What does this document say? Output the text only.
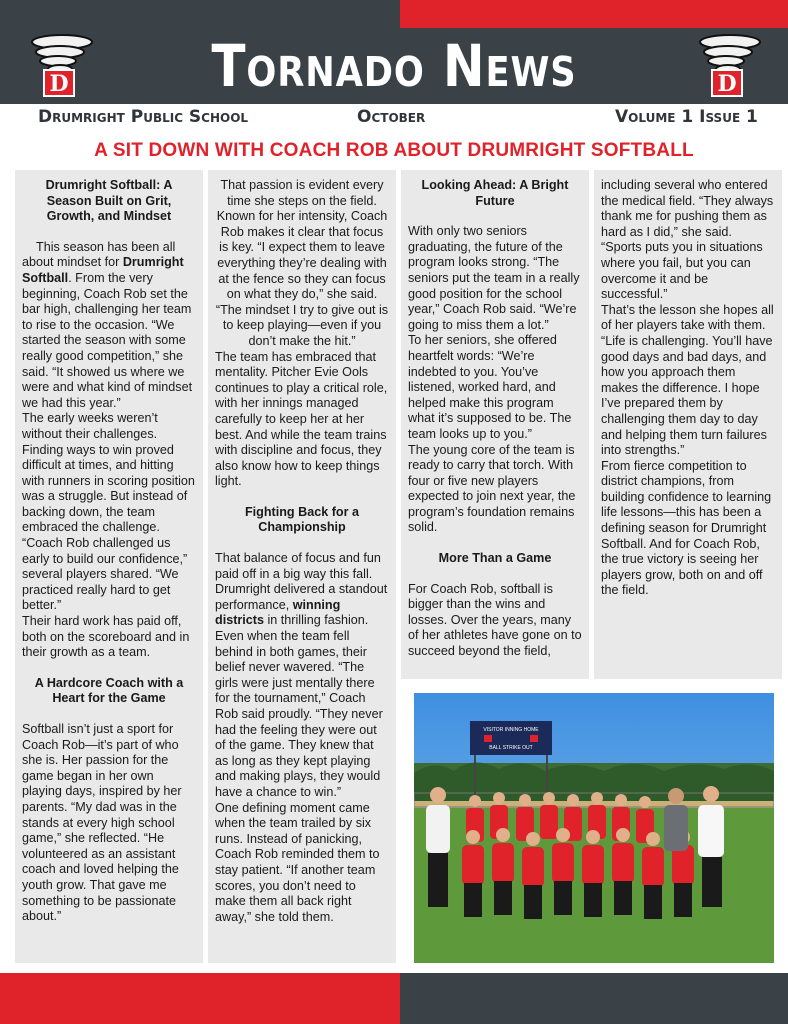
D	Tornado News	D
Drumright Public School	October	Volume 1 Issue 1
A SIT DOWN WITH COACH ROB ABOUT DRUMRIGHT SOFTBALL
Drumright Softball: A Season Built on Grit, Growth, and Mindset

This season has been all about mindset for Drumright Softball. From the very beginning, Coach Rob set the bar high, challenging her team to rise to the occasion. “We started the season with some really good competition,” she said. “It showed us where we were and what kind of mindset we had this year.”

The early weeks weren’t without their challenges. Finding ways to win proved difficult at times, and hitting with runners in scoring position was a struggle. But instead of backing down, the team embraced the challenge. “Coach Rob challenged us early to build our confidence,” several players shared. “We practiced really hard to get better.”

Their hard work has paid off, both on the scoreboard and in their growth as a team.

A Hardcore Coach with a Heart for the Game

Softball isn’t just a sport for Coach Rob—it’s part of who she is. Her passion for the game began in her own playing days, inspired by her parents. “My dad was in the stands at every high school game,” she reflected. “He volunteered as an assistant coach and loved helping the youth grow. That gave me something to be passionate about.”

That passion is evident every time she steps on the field. Known for her intensity, Coach Rob makes it clear that focus is key. “I expect them to leave everything they’re dealing with at the fence so they can focus on what they do,” she said. “The mindset I try to give out is to keep playing—even if you don’t make the hit.”

The team has embraced that mentality. Pitcher Evie Ools continues to play a critical role, with her innings managed carefully to keep her at her best. And while the team trains with discipline and focus, they also know how to keep things light.

Fighting Back for a Championship

That balance of focus and fun paid off in a big way this fall. Drumright delivered a standout performance, winning districts in thrilling fashion. Even when the team fell behind in both games, their belief never wavered. “The girls were just mentally there for the tournament,” Coach Rob said proudly. “They never had the feeling they were out of the game. They knew that as long as they kept playing and making plays, they would have a chance to win.”

One defining moment came when the team trailed by six runs. Instead of panicking, Coach Rob reminded them to stay patient. “If another team scores, you don’t need to make them all back right away,” she told them.

Looking Ahead: A Bright Future

With only two seniors graduating, the future of the program looks strong. “The seniors put the team in a really good position for the school year,” Coach Rob said. “We’re going to miss them a lot.”

To her seniors, she offered heartfelt words: “We’re indebted to you. You’ve listened, worked hard, and helped make this program what it’s supposed to be. The team looks up to you.”

The young core of the team is ready to carry that torch. With four or five new players expected to join next year, the program’s foundation remains solid.

More Than a Game

For Coach Rob, softball is bigger than the wins and losses. Over the years, many of her athletes have gone on to succeed beyond the field,

including several who entered the medical field. “They always thank me for pushing them as hard as I did,” she said. “Sports puts you in situations where you fail, but you can overcome it and be successful.”

That’s the lesson she hopes all of her players take with them. “Life is challenging. You’ll have good days and bad days, and how you approach them makes the difference. I hope I’ve prepared them by challenging them day to day and helping them turn failures into strengths.”

From fierce competition to district champions, from building confidence to learning life lessons—this has been a defining season for Drumright Softball. And for Coach Rob, the true victory is seeing her players grow, both on and off the field.

VISITOR INNING HOME
BALL STRIKE OUT
